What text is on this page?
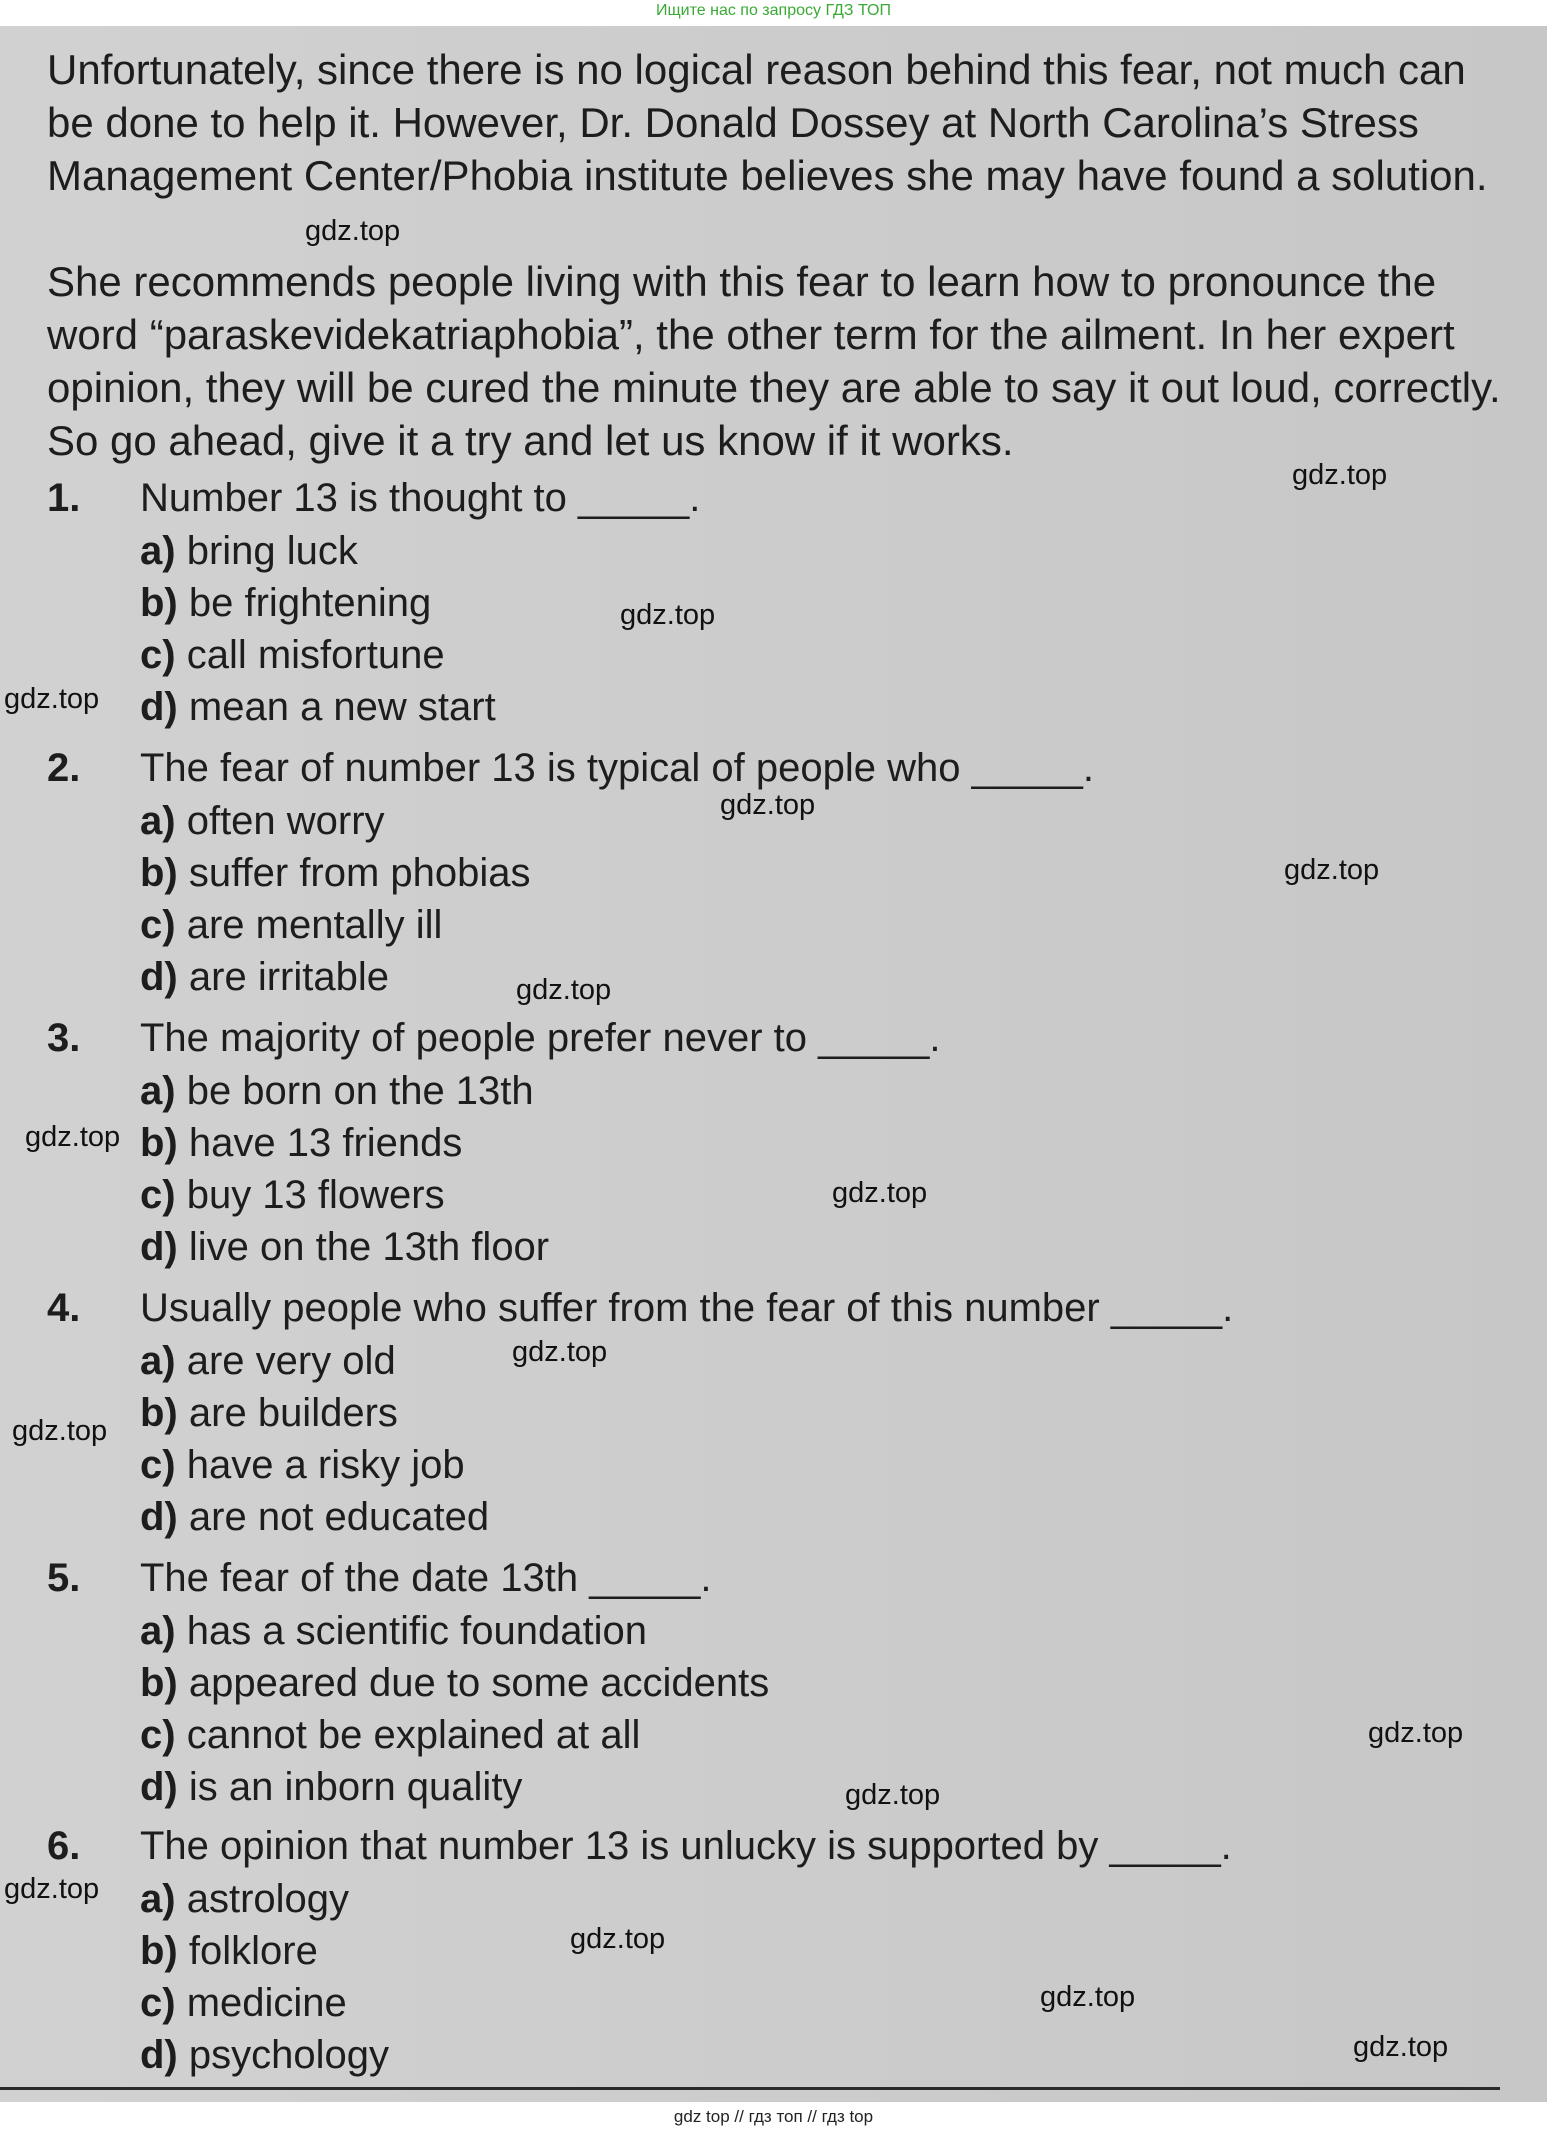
Ищите нас по запросу ГДЗ ТОП

Unfortunately, since there is no logical reason behind this fear, not much can be done to help it. However, Dr. Donald Dossey at North Carolina’s Stress Management Center/Phobia institute believes she may have found a solution.

She recommends people living with this fear to learn how to pronounce the word “paraskevidekatriaphobia”, the other term for the ailment. In her expert opinion, they will be cured the minute they are able to say it out loud, correctly. So go ahead, give it a try and let us know if it works.

1. Number 13 is thought to _____.
a) bring luck
b) be frightening
c) call misfortune
d) mean a new start
2. The fear of number 13 is typical of people who _____.
a) often worry
b) suffer from phobias
c) are mentally ill
d) are irritable
3. The majority of people prefer never to _____.
a) be born on the 13th
b) have 13 friends
c) buy 13 flowers
d) live on the 13th floor
4. Usually people who suffer from the fear of this number _____.
a) are very old
b) are builders
c) have a risky job
d) are not educated
5. The fear of the date 13th _____.
a) has a scientific foundation
b) appeared due to some accidents
c) cannot be explained at all
d) is an inborn quality
6. The opinion that number 13 is unlucky is supported by _____.
a) astrology
b) folklore
c) medicine
d) psychology
gdz.top
gdz.top
gdz.top
gdz.top
gdz.top
gdz.top
gdz.top
gdz.top
gdz.top
gdz.top
gdz.top
gdz.top
gdz.top
gdz.top
gdz.top
gdz.top
gdz.top
gdz top // гдз топ // гдз top
